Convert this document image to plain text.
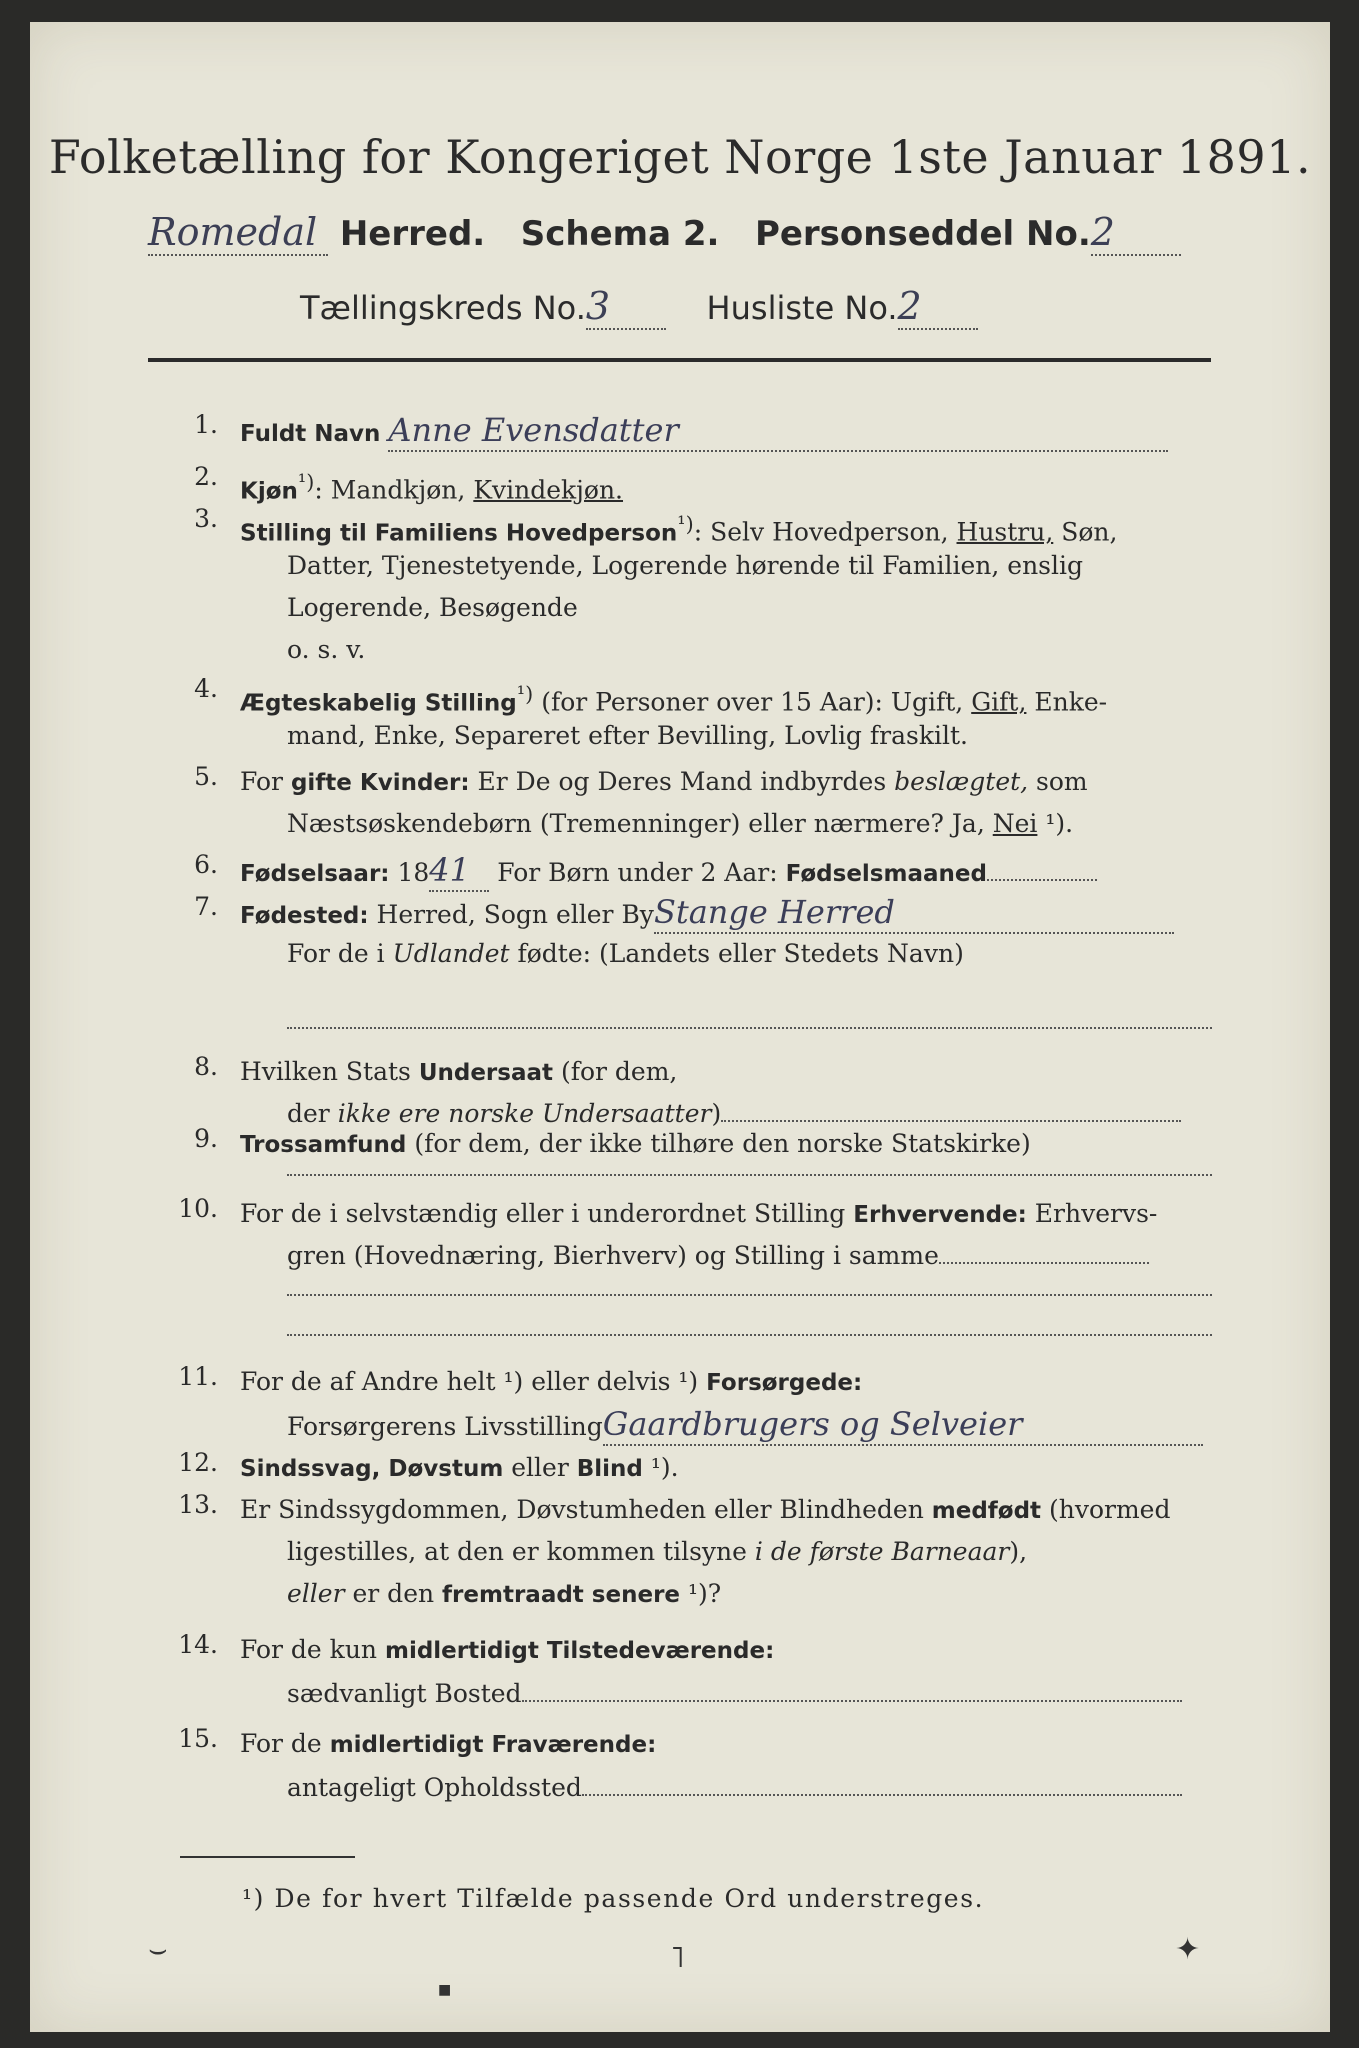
Folketælling for Kongeriget Norge 1ste Januar 1891.
Romedal Herred. Schema 2. Personseddel No.2
Tællingskreds No.3	Husliste No.2
1. Fuldt Navn Anne Evensdatter
2.
Kjøn$^{^1)}$: Mandkjøn, Kvindekjøn.
3.
Stilling til Familiens Hovedperson$^{^1)}$: Selv Hovedperson, Hustru, Søn,
Datter, Tjenestetyende, Logerende hørende til Familien, enslig
Logerende, Besøgende
o. s. v.
4.
Ægteskabelig Stilling$^{^1)}$ (for Personer over 15 Aar): Ugift, Gift, Enke-
mand, Enke, Separeret efter Bevilling, Lovlig fraskilt.
5. For gifte Kvinder: Er De og Deres Mand indbyrdes beslægtet, som
Næstsøskendebørn (Tremenninger) eller nærmere? Ja, Nei ¹).
6. Fødselsaar: 1841 For Børn under 2 Aar: Fødselsmaaned
7. Fødested: Herred, Sogn eller ByStange Herred
For de i Udlandet fødte: (Landets eller Stedets Navn)
8. Hvilken Stats Undersaat (for dem,
der ikke ere norske Undersaatter)
9. Trossamfund (for dem, der ikke tilhøre den norske Statskirke)
10. For de i selvstændig eller i underordnet Stilling Erhvervende: Erhvervs-
gren (Hovednæring, Bierhverv) og Stilling i samme
11. For de af Andre helt ¹) eller delvis ¹) Forsørgede:
Forsørgerens LivsstillingGaardbrugers og Selveier
12. Sindssvag, Døvstum eller Blind ¹).
13. Er Sindssygdommen, Døvstumheden eller Blindheden medfødt (hvormed
ligestilles, at den er kommen tilsyne i de første Barneaar),
eller er den fremtraadt senere ¹)?
14. For de kun midlertidigt Tilstedeværende:
sædvanligt Bosted
15. For de midlertidigt Fraværende:
antageligt Opholdssted
¹) De for hvert Tilfælde passende Ord understreges.
⌣
■
˥	✦
